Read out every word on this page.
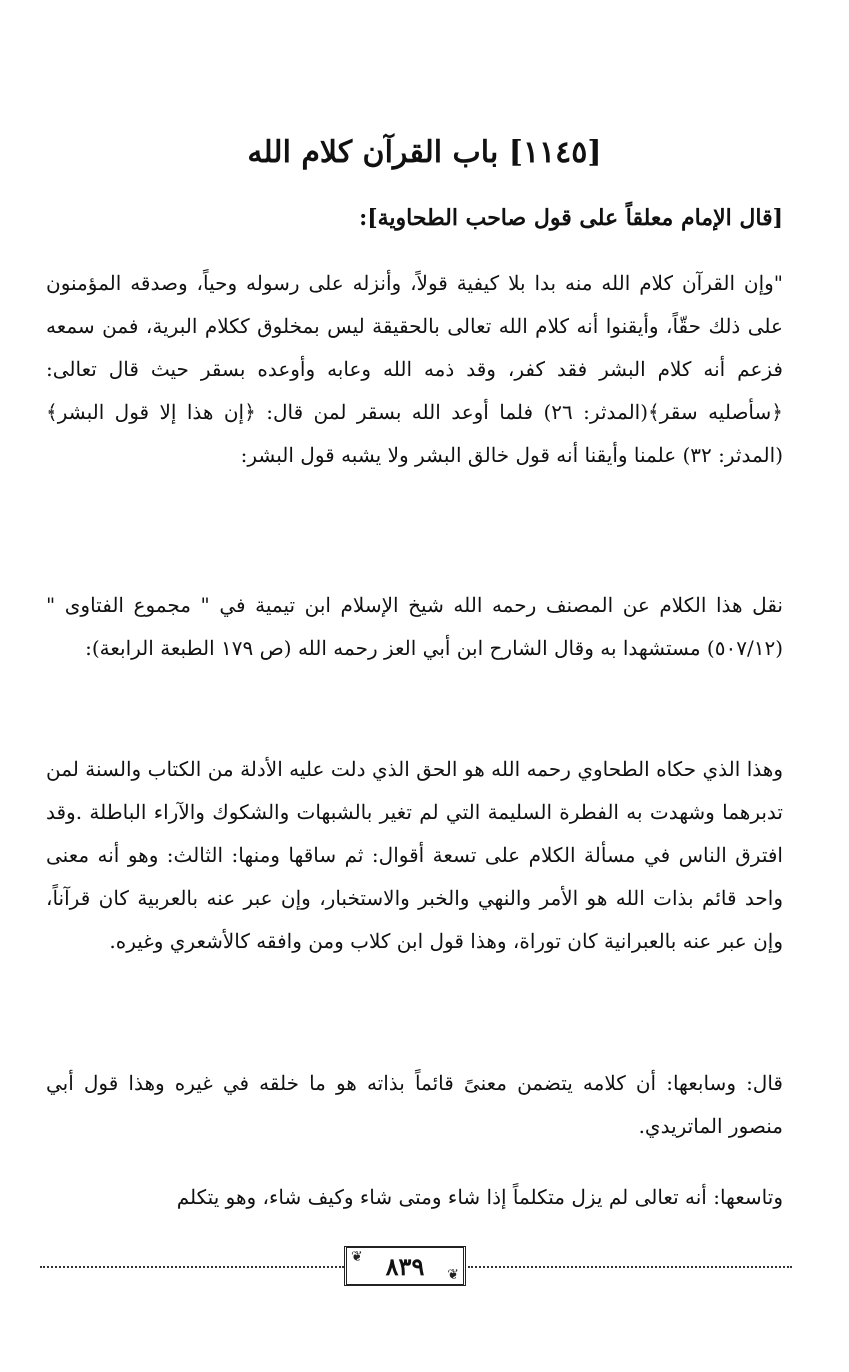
[١١٤٥] باب القرآن كلام الله
[قال الإمام معلقاً على قول صاحب الطحاوية]:

"وإن القرآن كلام الله منه بدا بلا كيفية قولاً، وأنزله على رسوله وحياً، وصدقه المؤمنون على ذلك حقّاً، وأيقنوا أنه كلام الله تعالى بالحقيقة ليس بمخلوق ككلام البرية، فمن سمعه فزعم أنه كلام البشر فقد كفر، وقد ذمه الله وعابه وأوعده بسقر حيث قال تعالى: ﴿سأصليه سقر﴾(المدثر: ٢٦) فلما أوعد الله بسقر لمن قال: ﴿إن هذا إلا قول البشر﴾(المدثر: ٣٢) علمنا وأيقنا أنه قول خالق البشر ولا يشبه قول البشر:

نقل هذا الكلام عن المصنف رحمه الله شيخ الإسلام ابن تيمية في " مجموع الفتاوى " (٥٠٧/١٢) مستشهدا به وقال الشارح ابن أبي العز رحمه الله (ص ١٧٩ الطبعة الرابعة):

وهذا الذي حكاه الطحاوي رحمه الله هو الحق الذي دلت عليه الأدلة من الكتاب والسنة لمن تدبرهما وشهدت به الفطرة السليمة التي لم تغير بالشبهات والشكوك والآراء الباطلة .وقد افترق الناس في مسألة الكلام على تسعة أقوال: ثم ساقها ومنها: الثالث: وهو أنه معنى واحد قائم بذات الله هو الأمر والنهي والخبر والاستخبار، وإن عبر عنه بالعربية كان قرآناً، وإن عبر عنه بالعبرانية كان توراة، وهذا قول ابن كلاب ومن وافقه كالأشعري وغيره.

قال: وسابعها: أن كلامه يتضمن معنىً قائماً بذاته هو ما خلقه في غيره وهذا قول أبي منصور الماتريدي.

وتاسعها: أنه تعالى لم يزل متكلماً إذا شاء ومتى شاء وكيف شاء، وهو يتكلم

❦ ٨٣٩	❦
